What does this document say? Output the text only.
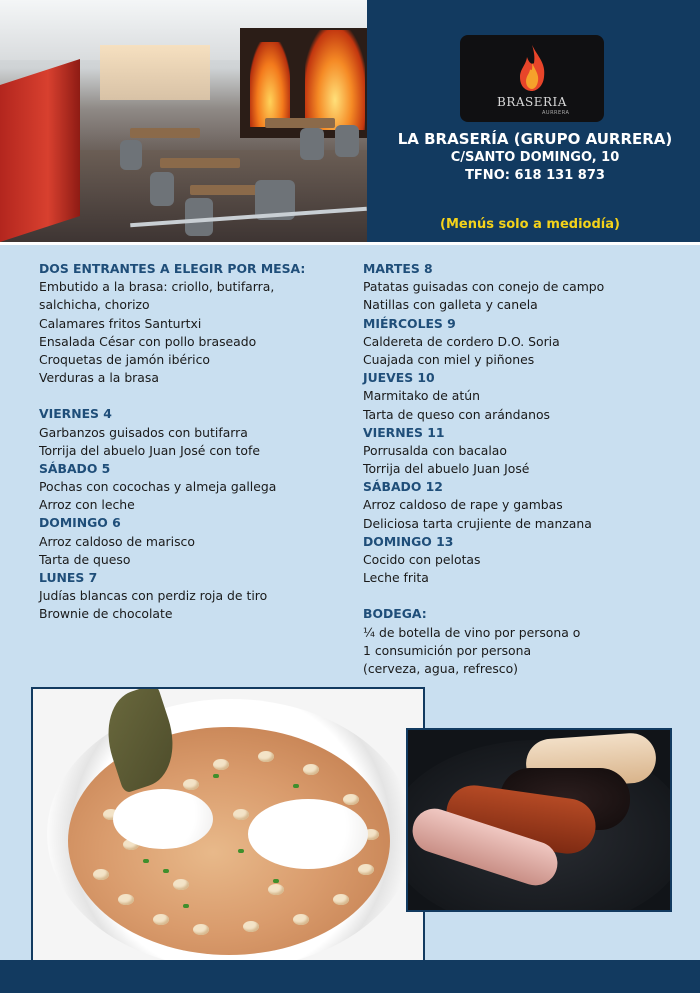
BRASERIA
AURRERA
LA BRASERÍA (GRUPO AURRERA)
C/SANTO DOMINGO, 10
TFNO: 618 131 873
(Menús solo a mediodía)
DOS ENTRANTES A ELEGIR POR MESA:
Embutido a la brasa: criollo, butifarra,
salchicha, chorizo
Calamares fritos Santurtxi
Ensalada César con pollo braseado
Croquetas de jamón ibérico
Verduras a la brasa
VIERNES 4
Garbanzos guisados con butifarra
Torrija del abuelo Juan José con tofe
SÁBADO 5
Pochas con cocochas y almeja gallega
Arroz con leche
DOMINGO 6
Arroz caldoso de marisco
Tarta de queso
LUNES 7
Judías blancas con perdiz roja de tiro
Brownie de chocolate
MARTES 8
Patatas guisadas con conejo de campo
Natillas con galleta y canela
MIÉRCOLES 9
Caldereta de cordero D.O. Soria
Cuajada con miel y piñones
JUEVES 10
Marmitako de atún
Tarta de queso con arándanos
VIERNES 11
Porrusalda con bacalao
Torrija del abuelo Juan José
SÁBADO 12
Arroz caldoso de rape y gambas
Deliciosa tarta crujiente de manzana
DOMINGO 13
Cocido con pelotas
Leche frita
BODEGA:
¼ de botella de vino por persona o
1 consumición por persona
(cerveza, agua, refresco)
